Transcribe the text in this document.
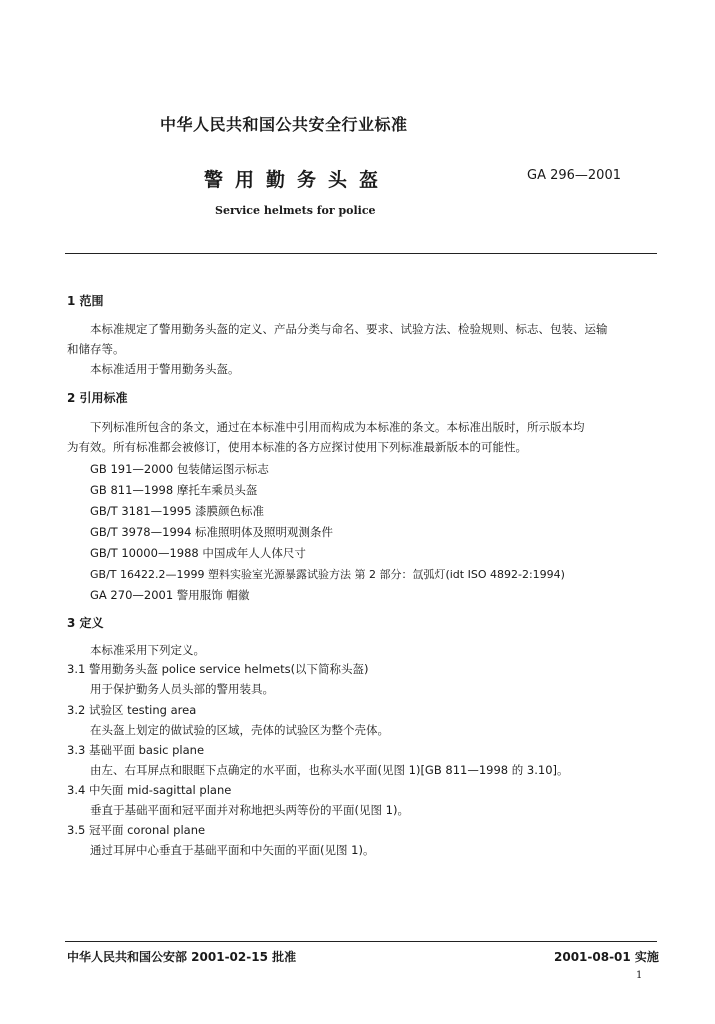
中华人民共和国公共安全行业标准
警用勤务头盔	GA 296—2001
Service helmets for police
1 范围
本标准规定了警用勤务头盔的定义、产品分类与命名、要求、试验方法、检验规则、标志、包装、运输
和储存等。
本标准适用于警用勤务头盔。
2 引用标准
下列标准所包含的条文，通过在本标准中引用而构成为本标准的条文。本标准出版时，所示版本均
为有效。所有标准都会被修订，使用本标准的各方应探讨使用下列标准最新版本的可能性。
GB 191—2000 包装储运图示标志
GB 811—1998 摩托车乘员头盔
GB/T 3181—1995 漆膜颜色标准
GB/T 3978—1994 标准照明体及照明观测条件
GB/T 10000—1988 中国成年人人体尺寸
GB/T 16422.2—1999 塑料实验室光源暴露试验方法 第 2 部分：氙弧灯(idt ISO 4892-2:1994)
GA 270—2001 警用服饰 帽徽
3 定义
本标准采用下列定义。
3.1 警用勤务头盔 police service helmets(以下简称头盔)
用于保护勤务人员头部的警用装具。
3.2 试验区 testing area
在头盔上划定的做试验的区域，壳体的试验区为整个壳体。
3.3 基础平面 basic plane
由左、右耳屏点和眼眶下点确定的水平面，也称头水平面(见图 1)[GB 811—1998 的 3.10]。
3.4 中矢面 mid-sagittal plane
垂直于基础平面和冠平面并对称地把头两等份的平面(见图 1)。
3.5 冠平面 coronal plane
通过耳屏中心垂直于基础平面和中矢面的平面(见图 1)。
中华人民共和国公安部 2001-02-15 批准	2001-08-01 实施
1
